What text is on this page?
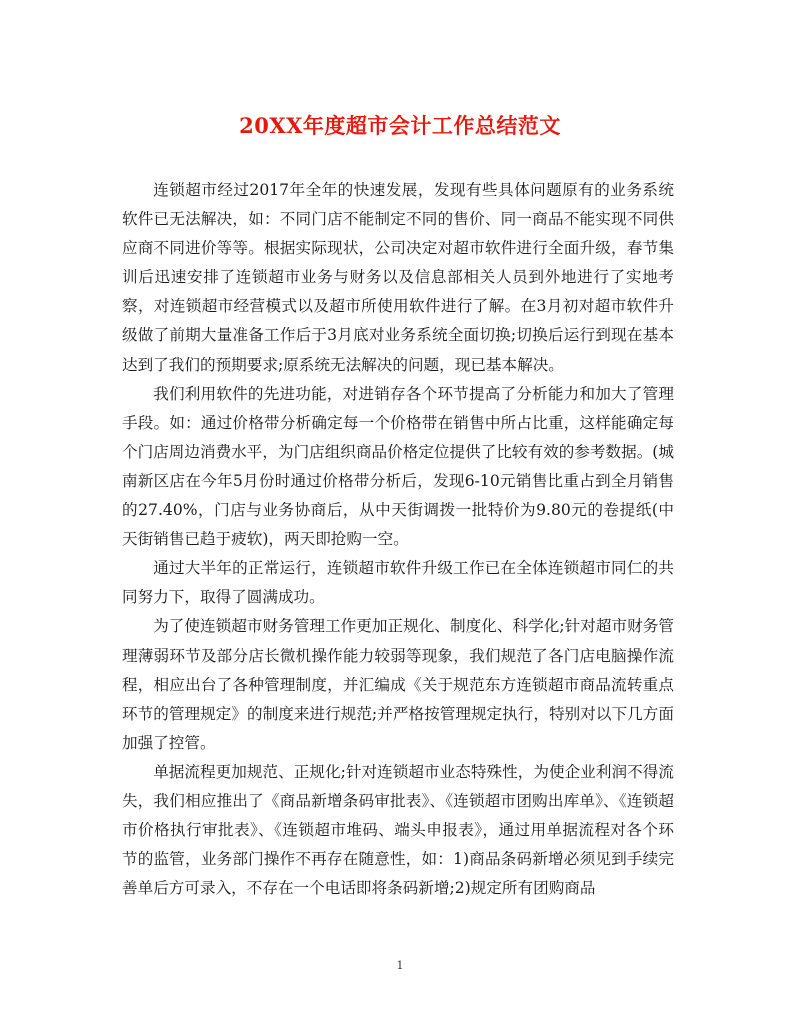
20XX年度超市会计工作总结范文

连锁超市经过2017年全年的快速发展，发现有些具体问题原有的业务系统软件已无法解决，如：不同门店不能制定不同的售价、同一商品不能实现不同供应商不同进价等等。根据实际现状，公司决定对超市软件进行全面升级，春节集训后迅速安排了连锁超市业务与财务以及信息部相关人员到外地进行了实地考察，对连锁超市经营模式以及超市所使用软件进行了解。在3月初对超市软件升级做了前期大量准备工作后于3月底对业务系统全面切换;切换后运行到现在基本达到了我们的预期要求;原系统无法解决的问题，现已基本解决。

我们利用软件的先进功能，对进销存各个环节提高了分析能力和加大了管理手段。如：通过价格带分析确定每一个价格带在销售中所占比重，这样能确定每个门店周边消费水平，为门店组织商品价格定位提供了比较有效的参考数据。(城南新区店在今年5月份时通过价格带分析后，发现6-10元销售比重占到全月销售的27.40%，门店与业务协商后，从中天街调拨一批特价为9.80元的卷提纸(中天街销售已趋于疲软)，两天即抢购一空。

通过大半年的正常运行，连锁超市软件升级工作已在全体连锁超市同仁的共同努力下，取得了圆满成功。

为了使连锁超市财务管理工作更加正规化、制度化、科学化;针对超市财务管理薄弱环节及部分店长微机操作能力较弱等现象，我们规范了各门店电脑操作流程，相应出台了各种管理制度，并汇编成《关于规范东方连锁超市商品流转重点环节的管理规定》的制度来进行规范;并严格按管理规定执行，特别对以下几方面加强了控管。

单据流程更加规范、正规化;针对连锁超市业态特殊性，为使企业利润不得流失，我们相应推出了《商品新增条码审批表》、《连锁超市团购出库单》、《连锁超市价格执行审批表》、《连锁超市堆码、端头申报表》，通过用单据流程对各个环节的监管，业务部门操作不再存在随意性，如：1)商品条码新增必须见到手续完善单后方可录入，不存在一个电话即将条码新增;2)规定所有团购商品

1
